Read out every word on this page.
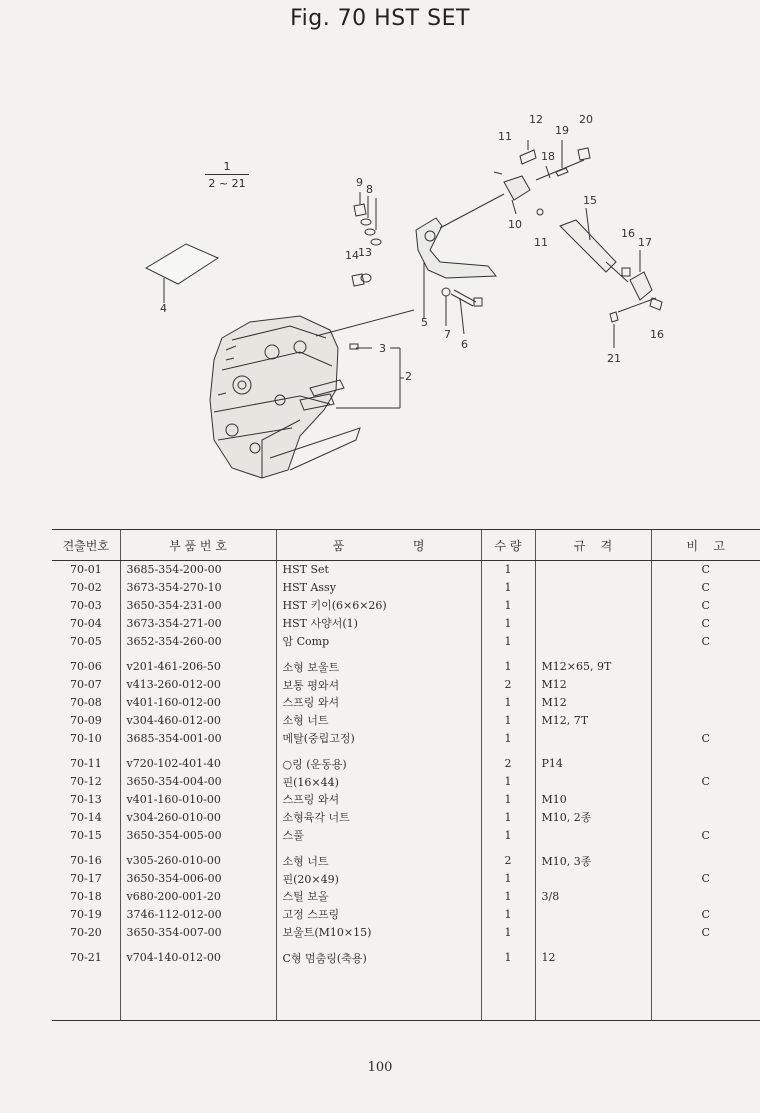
Fig. 70 HST SET
$\frac{1}{2 \sim 21}$
2
3
4
5
6
7
8
9
10
11
11
12
13
14
15
16
16
17
18
19
20
21
견출번호	부 품 번 호	품                  명	수 량	규    격	비    고
70-01	3685-354-200-00	HST Set	1		C
70-02	3673-354-270-10	HST Assy	1		C
70-03	3650-354-231-00	HST 키이(6×6×26)	1		C
70-04	3673-354-271-00	HST 사양서(1)	1		C
70-05	3652-354-260-00	암 Comp	1		C
70-06	v201-461-206-50	소형 보울트	1	M12×65, 9T	
70-07	v413-260-012-00	보통 평와셔	2	M12	
70-08	v401-160-012-00	스프링 와셔	1	M12	
70-09	v304-460-012-00	소형 너트	1	M12, 7T	
70-10	3685-354-001-00	메탈(중립고정)	1		C
70-11	v720-102-401-40	○링 (운동용)	2	P14	
70-12	3650-354-004-00	핀(16×44)	1		C
70-13	v401-160-010-00	스프링 와셔	1	M10	
70-14	v304-260-010-00	소형육각 너트	1	M10, 2종	
70-15	3650-354-005-00	스풀	1		C
70-16	v305-260-010-00	소형 너트	2	M10, 3종	
70-17	3650-354-006-00	핀(20×49)	1		C
70-18	v680-200-001-20	스틸 보올	1	3/8	
70-19	3746-112-012-00	고정 스프링	1		C
70-20	3650-354-007-00	보울트(M10×15)	1		C
70-21	v704-140-012-00	C형 멈춤링(축용)	1	12	

100
